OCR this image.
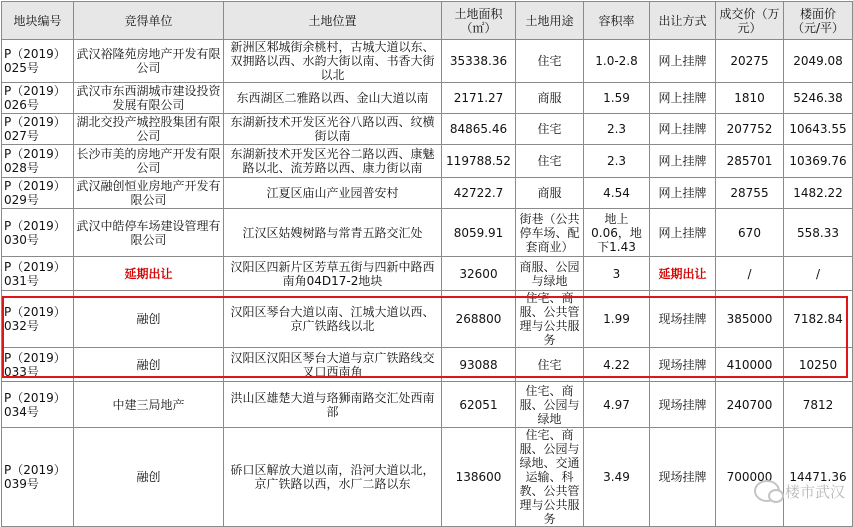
地块编号	竞得单位	土地位置	土地面积（㎡）	土地用途	容积率	出让方式	成交价（万元）	楼面价（元/平）
P（2019）025号	武汉裕隆苑房地产开发有限公司	新洲区邾城街余桃村，古城大道以东、双拥路以西、水韵大街以南、书香大街以北	35338.36	住宅	1.0-2.8	网上挂牌	20275	2049.08
P（2019）026号	武汉市东西湖城市建设投资发展有限公司	东西湖区二雅路以西、金山大道以南	2171.27	商服	1.59	网上挂牌	1810	5246.38
P（2019）027号	湖北交投产城控股集团有限公司	东湖新技术开发区光谷八路以西、纹横街以南	84865.46	住宅	2.3	网上挂牌	207752	10643.55
P（2019）028号	长沙市美的房地产开发有限公司	东湖新技术开发区光谷二路以西、康魅路以北、流芳路以西、康力街以南	119788.52	住宅	2.3	网上挂牌	285701	10369.76
P（2019）029号	武汉融创恒业房地产开发有限公司	江夏区庙山产业园普安村	42722.7	商服	4.54	网上挂牌	28755	1482.22
P（2019）030号	武汉中皓停车场建设管理有限公司	江汉区姑嫂树路与常青五路交汇处	8059.91	街巷（公共停车场、配套商业）	地上0.06，地下1.43	网上挂牌	670	558.33
P（2019）031号	延期出让	汉阳区四新片区芳草五街与四新中路西南角04D17-2地块	32600	商服、公园与绿地	3	延期出让	/	/
P（2019）032号	融创	汉阳区琴台大道以南、江城大道以西、京广铁路线以北	268800	住宅、商服、公共管理与公共服务	1.99	现场挂牌	385000	7182.84
P（2019）033号	融创	汉阳区汉阳区琴台大道与京广铁路线交叉口西南角	93088	住宅	4.22	现场挂牌	410000	10250
P（2019）034号	中建三局地产	洪山区雄楚大道与珞狮南路交汇处西南部	62051	住宅、商服、公园与绿地	4.97	现场挂牌	240700	7812
P（2019）039号	融创	硚口区解放大道以南，沿河大道以北，京广铁路以西，水厂二路以东	138600	住宅、商服、公园与绿地、交通运输、科教、公共管理与公共服务	3.49	现场挂牌	700000	14471.36
楼市武汉
